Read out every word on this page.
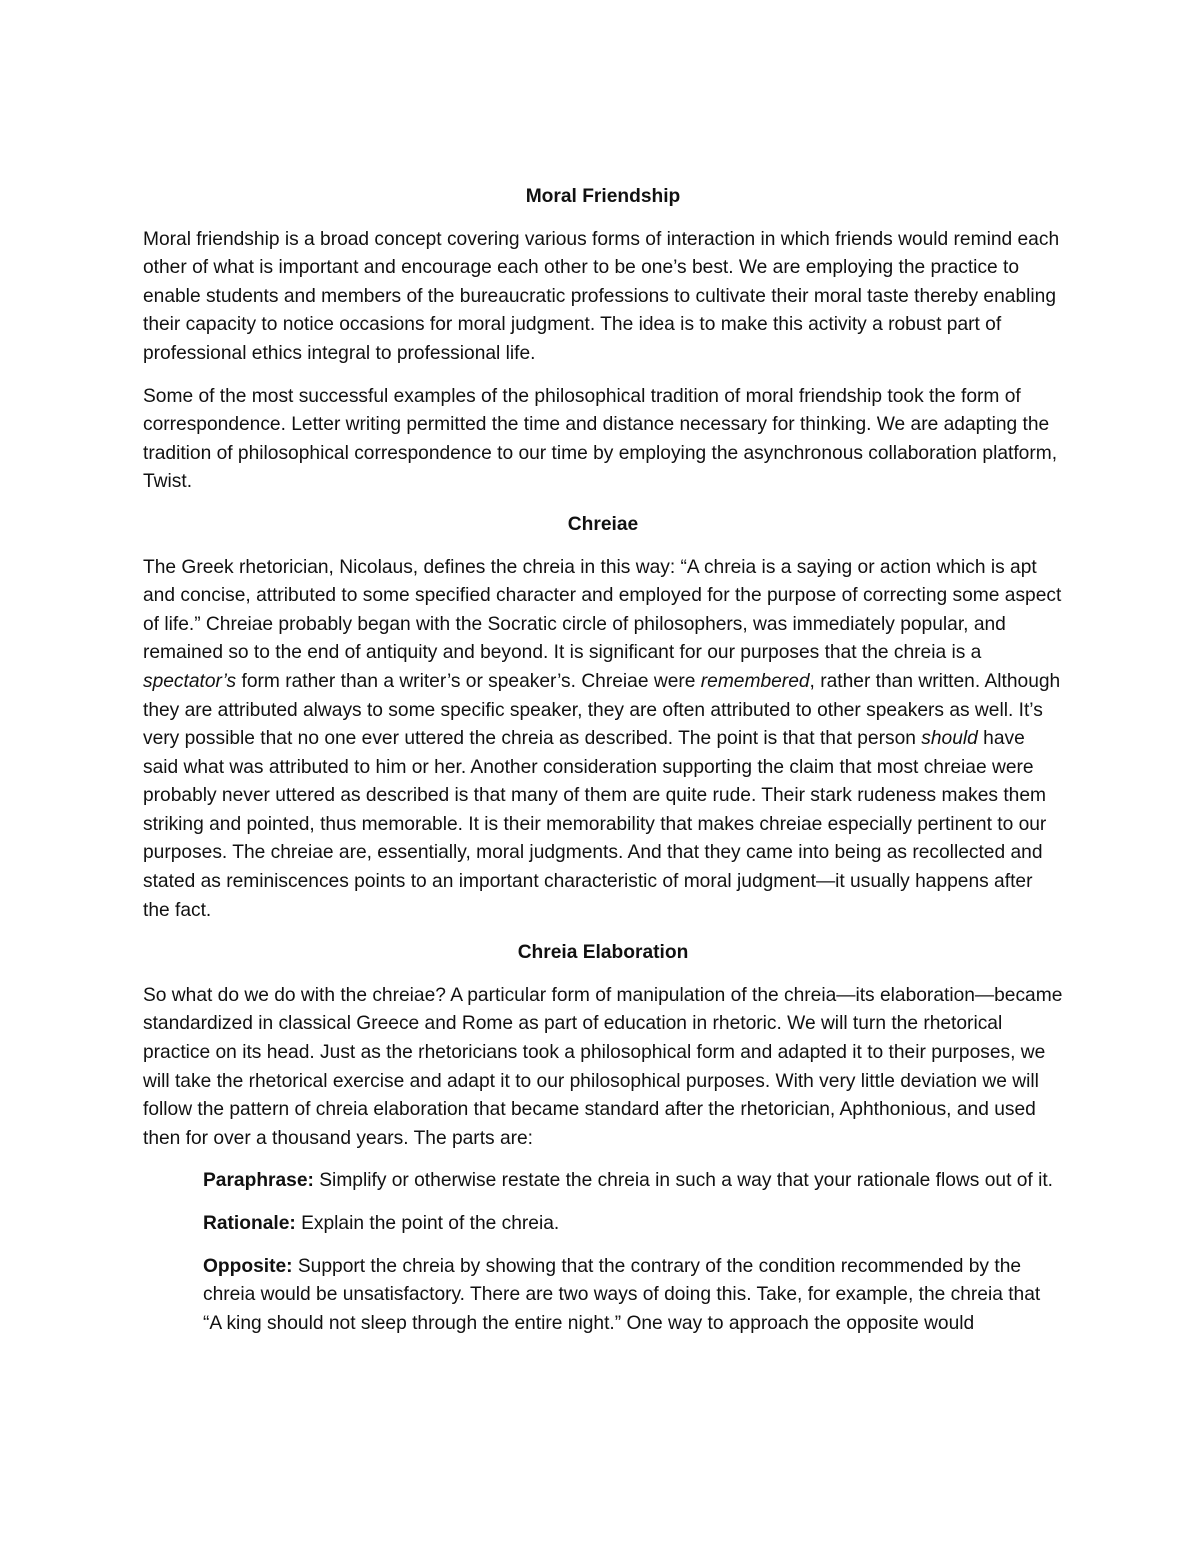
Moral Friendship

Moral friendship is a broad concept covering various forms of interaction in which friends would remind each other of what is important and encourage each other to be one’s best. We are employing the practice to enable students and members of the bureaucratic professions to cultivate their moral taste thereby enabling their capacity to notice occasions for moral judgment. The idea is to make this activity a robust part of professional ethics integral to professional life.

Some of the most successful examples of the philosophical tradition of moral friendship took the form of correspondence. Letter writing permitted the time and distance necessary for thinking. We are adapting the tradition of philosophical correspondence to our time by employing the asynchronous collaboration platform, Twist.

Chreiae

The Greek rhetorician, Nicolaus, defines the chreia in this way: “A chreia is a saying or action which is apt and concise, attributed to some specified character and employed for the purpose of correcting some aspect of life.” Chreiae probably began with the Socratic circle of philosophers, was immediately popular, and remained so to the end of antiquity and beyond. It is significant for our purposes that the chreia is a spectator’s form rather than a writer’s or speaker’s. Chreiae were remembered, rather than written. Although they are attributed always to some specific speaker, they are often attributed to other speakers as well. It’s very possible that no one ever uttered the chreia as described. The point is that that person should have said what was attributed to him or her. Another consideration supporting the claim that most chreiae were probably never uttered as described is that many of them are quite rude. Their stark rudeness makes them striking and pointed, thus memorable. It is their memorability that makes chreiae especially pertinent to our purposes. The chreiae are, essentially, moral judgments. And that they came into being as recollected and stated as reminiscences points to an important characteristic of moral judgment—it usually happens after the fact.

Chreia Elaboration

So what do we do with the chreiae? A particular form of manipulation of the chreia—its elaboration—became standardized in classical Greece and Rome as part of education in rhetoric. We will turn the rhetorical practice on its head. Just as the rhetoricians took a philosophical form and adapted it to their purposes, we will take the rhetorical exercise and adapt it to our philosophical purposes. With very little deviation we will follow the pattern of chreia elaboration that became standard after the rhetorician, Aphthonious, and used then for over a thousand years. The parts are:

Paraphrase: Simplify or otherwise restate the chreia in such a way that your rationale flows out of it.

Rationale: Explain the point of the chreia.

Opposite: Support the chreia by showing that the contrary of the condition recommended by the chreia would be unsatisfactory. There are two ways of doing this. Take, for example, the chreia that “A king should not sleep through the entire night.” One way to approach the opposite would
